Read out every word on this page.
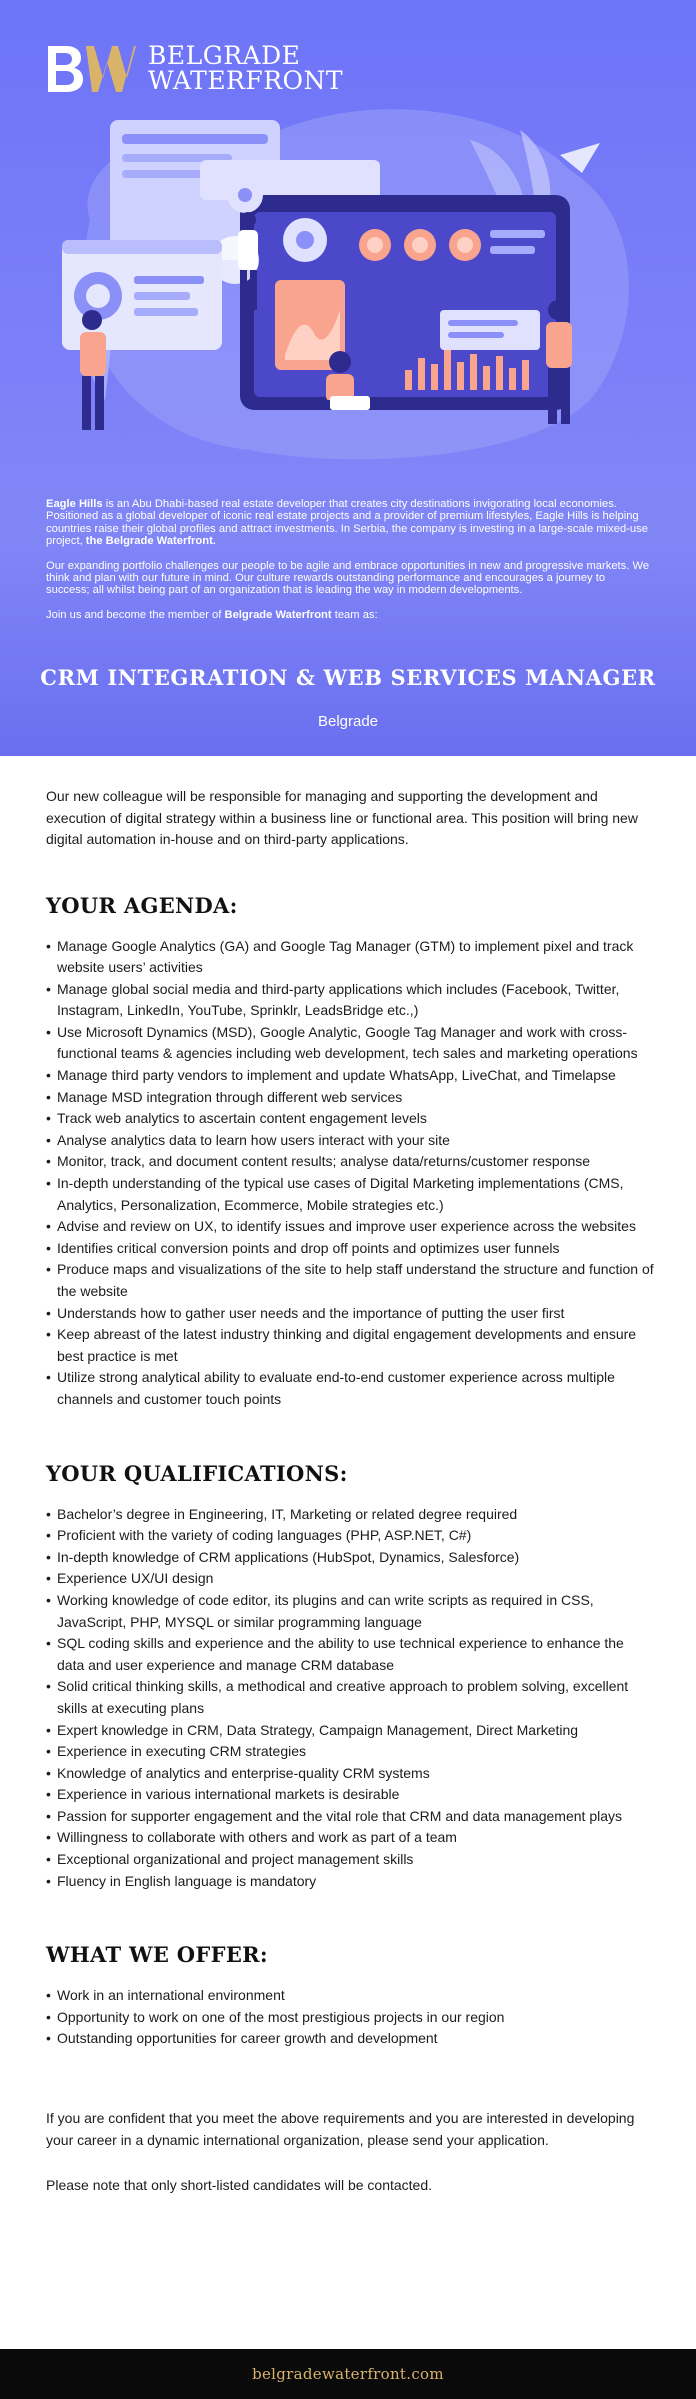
BELGRADE
WATERFRONT

Eagle Hills is an Abu Dhabi-based real estate developer that creates city destinations invigorating local economies. Positioned as a global developer of iconic real estate projects and a provider of premium lifestyles, Eagle Hills is helping countries raise their global profiles and attract investments. In Serbia, the company is investing in a large-scale mixed-use project, the Belgrade Waterfront.

Our expanding portfolio challenges our people to be agile and embrace opportunities in new and progressive markets. We think and plan with our future in mind. Our culture rewards outstanding performance and encourages a journey to success; all whilst being part of an organization that is leading the way in modern developments.

Join us and become the member of Belgrade Waterfront team as:

CRM INTEGRATION & WEB SERVICES MANAGER
Belgrade

Our new colleague will be responsible for managing and supporting the development and execution of digital strategy within a business line or functional area. This position will bring new digital automation in-house and on third-party applications.

YOUR AGENDA:
• Manage Google Analytics (GA) and Google Tag Manager (GTM) to implement pixel and track website users’ activities
• Manage global social media and third-party applications which includes (Facebook, Twitter, Instagram, LinkedIn, YouTube, Sprinklr, LeadsBridge etc.,)
• Use Microsoft Dynamics (MSD), Google Analytic, Google Tag Manager and work with cross- functional teams & agencies including web development, tech sales and marketing operations
• Manage third party vendors to implement and update WhatsApp, LiveChat, and Timelapse
• Manage MSD integration through different web services
• Track web analytics to ascertain content engagement levels
• Analyse analytics data to learn how users interact with your site
• Monitor, track, and document content results; analyse data/returns/customer response
• In-depth understanding of the typical use cases of Digital Marketing implementations (CMS, Analytics, Personalization, Ecommerce, Mobile strategies etc.)
• Advise and review on UX, to identify issues and improve user experience across the websites
• Identifies critical conversion points and drop off points and optimizes user funnels
• Produce maps and visualizations of the site to help staff understand the structure and function of the website
• Understands how to gather user needs and the importance of putting the user first
• Keep abreast of the latest industry thinking and digital engagement developments and ensure best practice is met
• Utilize strong analytical ability to evaluate end-to-end customer experience across multiple channels and customer touch points
YOUR QUALIFICATIONS:
• Bachelor’s degree in Engineering, IT, Marketing or related degree required
• Proficient with the variety of coding languages (PHP, ASP.NET, C#)
• In-depth knowledge of CRM applications (HubSpot, Dynamics, Salesforce)
• Experience UX/UI design
• Working knowledge of code editor, its plugins and can write scripts as required in CSS, JavaScript, PHP, MYSQL or similar programming language
• SQL coding skills and experience and the ability to use technical experience to enhance the data and user experience and manage CRM database
• Solid critical thinking skills, a methodical and creative approach to problem solving, excellent skills at executing plans
• Expert knowledge in CRM, Data Strategy, Campaign Management, Direct Marketing
• Experience in executing CRM strategies
• Knowledge of analytics and enterprise-quality CRM systems
• Experience in various international markets is desirable
• Passion for supporter engagement and the vital role that CRM and data management plays
• Willingness to collaborate with others and work as part of a team
• Exceptional organizational and project management skills
• Fluency in English language is mandatory
WHAT WE OFFER:
• Work in an international environment
• Opportunity to work on one of the most prestigious projects in our region
• Outstanding opportunities for career growth and development

If you are confident that you meet the above requirements and you are interested in developing your career in a dynamic international organization, please send your application.

Please note that only short-listed candidates will be contacted.

belgradewaterfront.com
